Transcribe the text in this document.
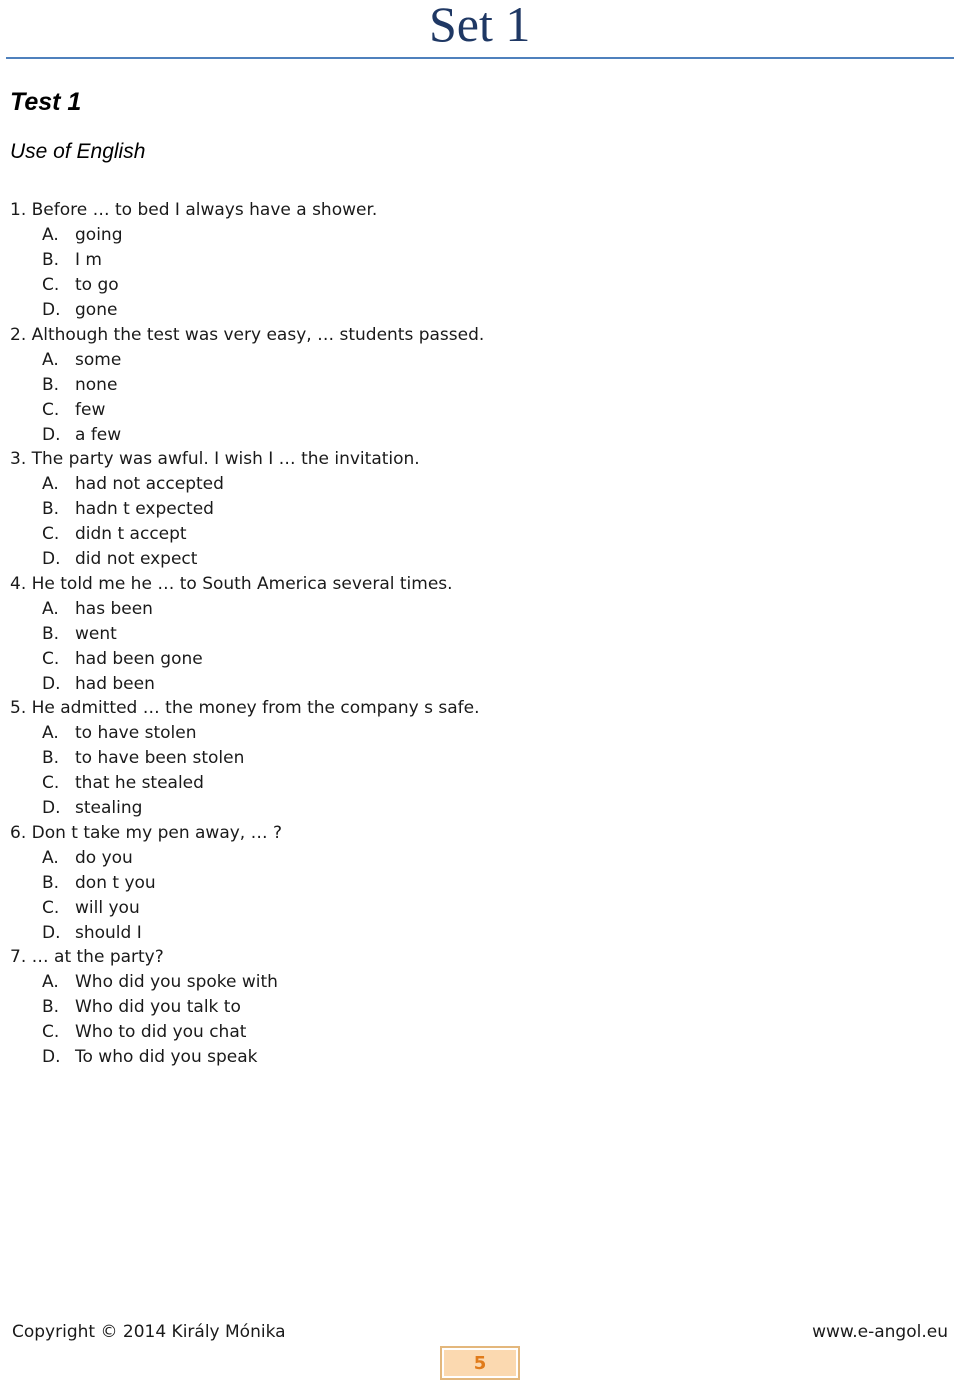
Set 1
Test 1
Use of English
1. Before … to bed I always have a shower.
A. going
B. I m
C. to go
D. gone
2. Although the test was very easy, … students passed.
A. some
B. none
C. few
D. a few
3. The party was awful. I wish I … the invitation.
A. had not accepted
B. hadn t expected
C. didn t accept
D. did not expect
4. He told me he … to South America several times.
A. has been
B. went
C. had been gone
D. had been
5. He admitted … the money from the company s safe.
A. to have stolen
B. to have been stolen
C. that he stealed
D. stealing
6. Don t take my pen away, … ?
A. do you
B. don t you
C. will you
D. should I
7. … at the party?
A. Who did you spoke with
B. Who did you talk to
C. Who to did you chat
D. To who did you speak
Copyright © 2014 Király Mónika	www.e-angol.eu
5
